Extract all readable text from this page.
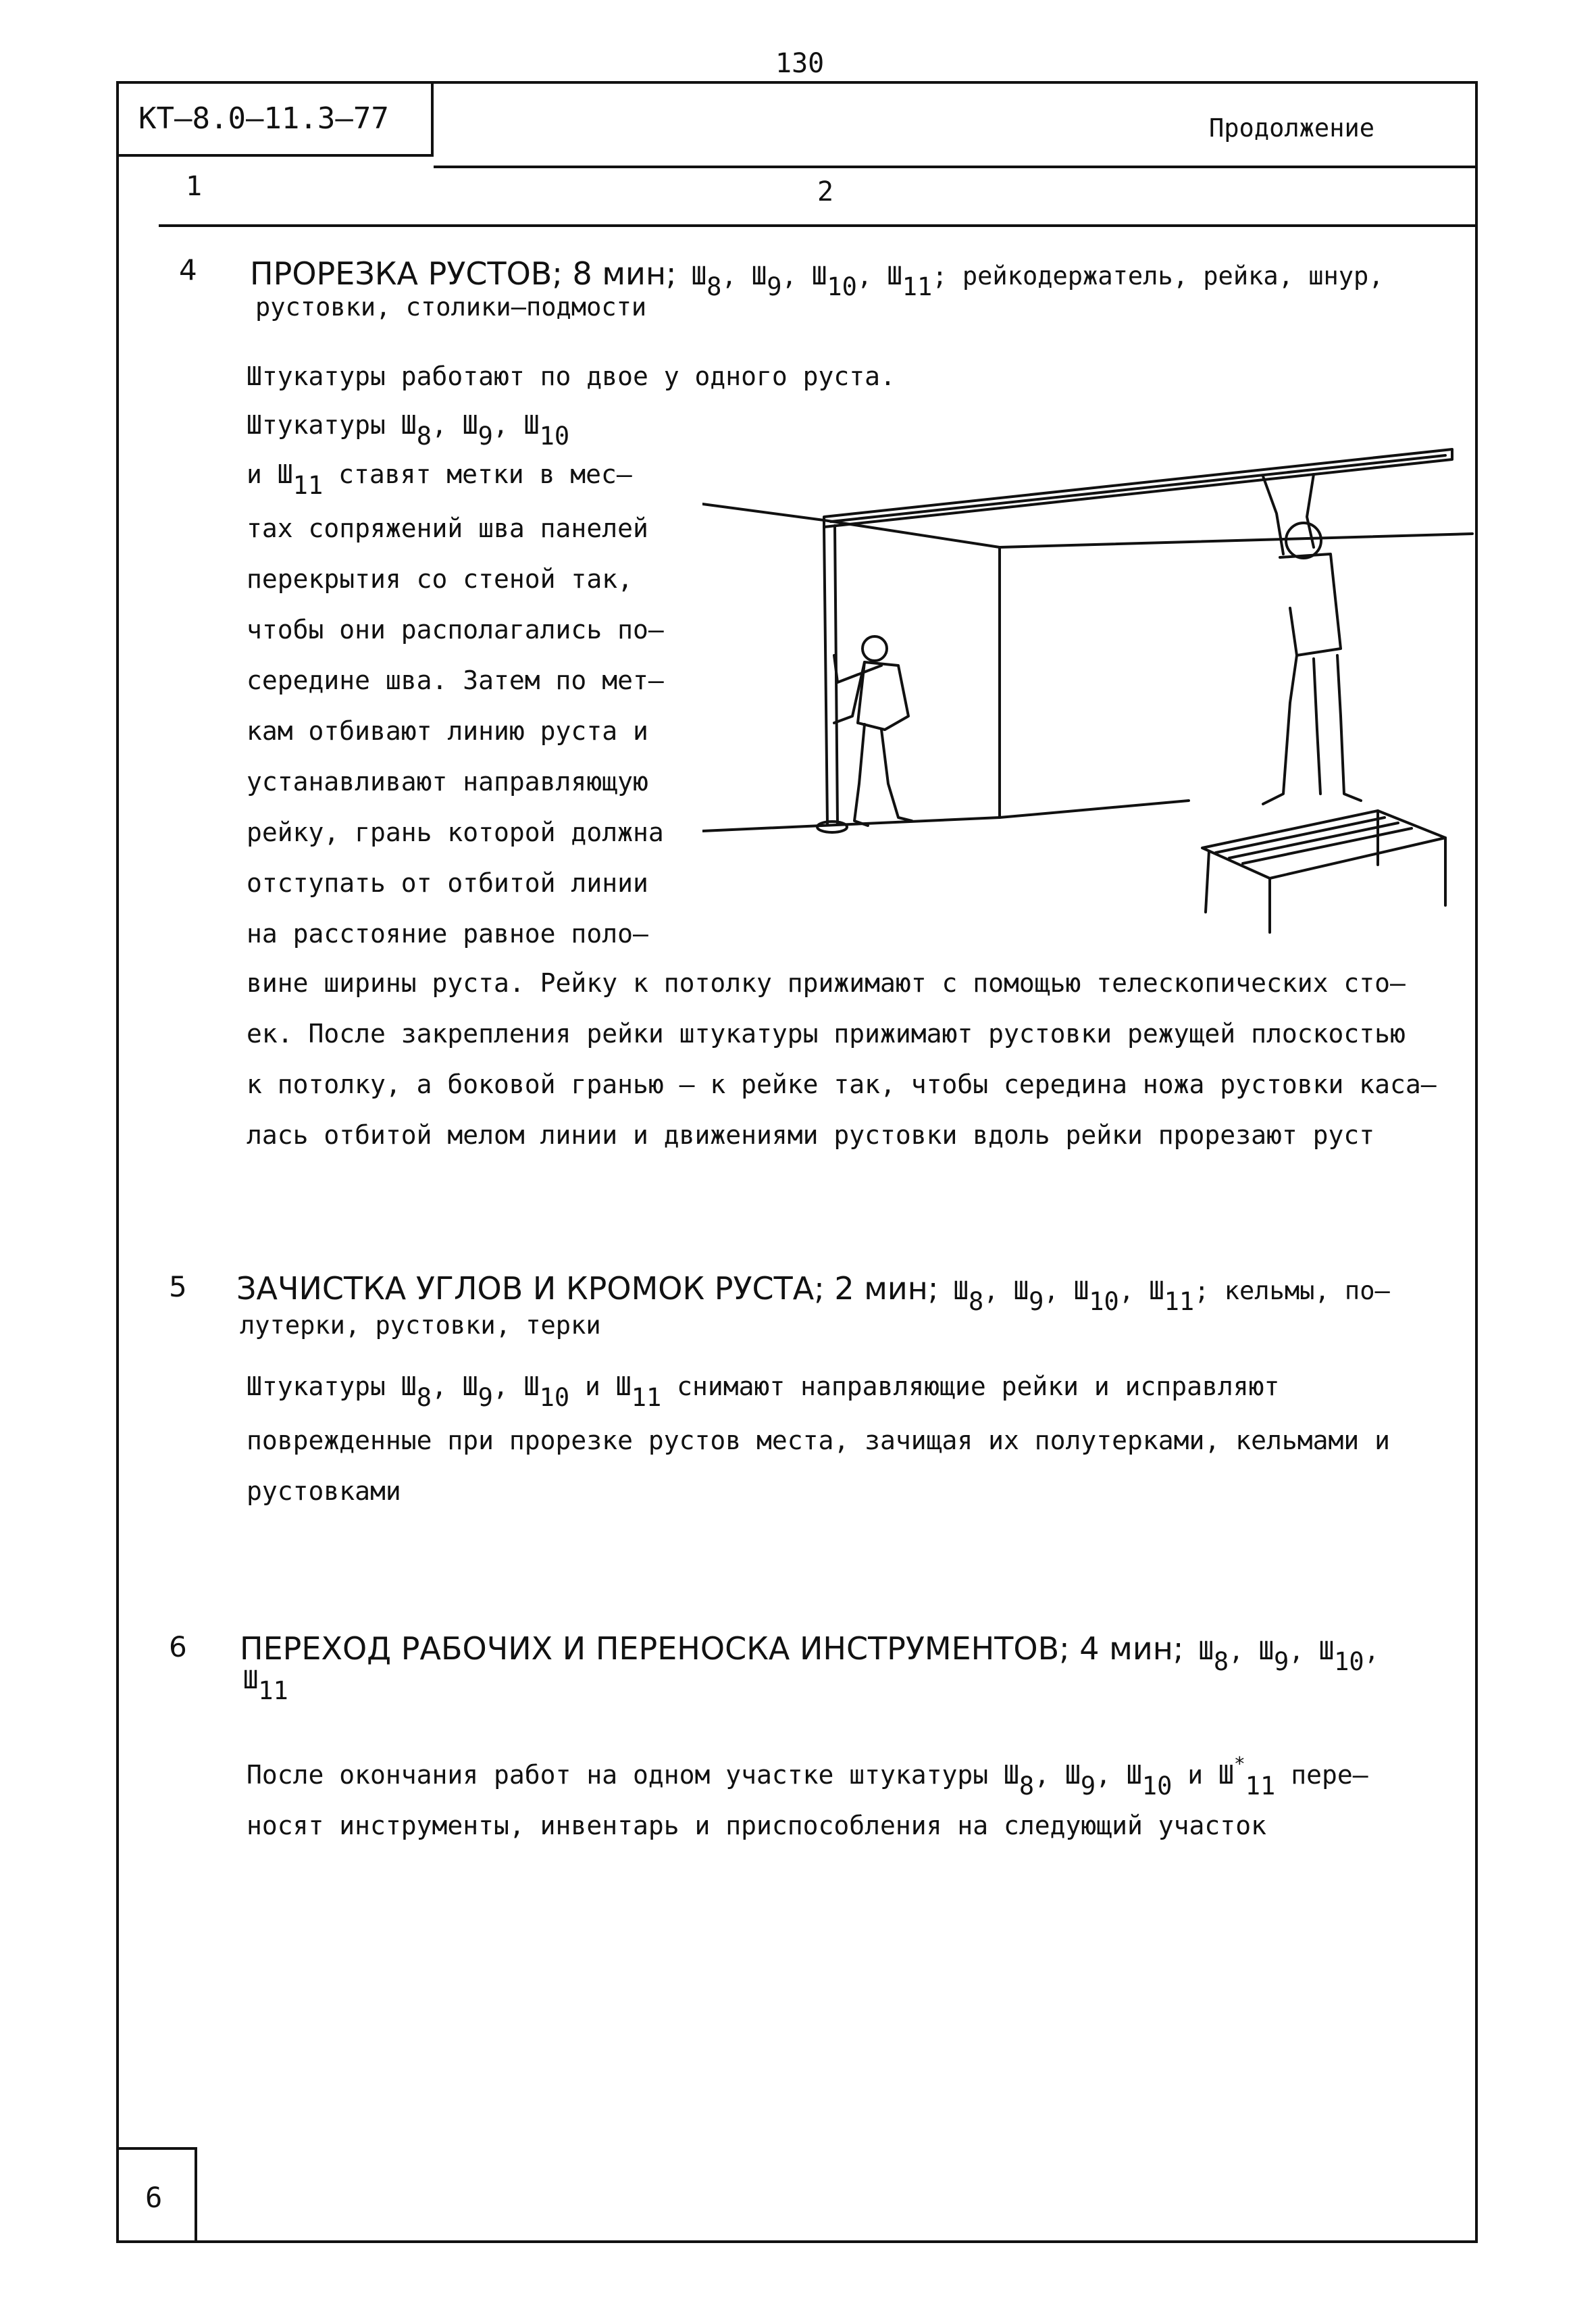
130
КТ–8.0–11.3–77	Продолжение
1	2
4 ПРОРЕЗКА РУСТОВ; 8 мин; Ш8, Ш9, Ш10, Ш11; рейкодержатель, рейка, шнур,
рустовки, столики–подмости
Штукатуры работают по двое у одного руста.
Штукатуры Ш8, Ш9, Ш10
и Ш11 ставят метки в мес–
тах сопряжений шва панелей
перекрытия со стеной так,
чтобы они располагались по–
середине шва. Затем по мет–
кам отбивают линию руста и
устанавливают направляющую
рейку, грань которой должна
отступать от отбитой линии
на расстояние равное поло–
вине ширины руста. Рейку к потолку прижимают с помощью телескопических сто–
ек. После закрепления рейки штукатуры прижимают рустовки режущей плоскостью
к потолку, а боковой гранью – к рейке так, чтобы середина ножа рустовки каса–
лась отбитой мелом линии и движениями рустовки вдоль рейки прорезают руст
5 ЗАЧИСТКА УГЛОВ И КРОМОК РУСТА; 2 мин; Ш8, Ш9, Ш10, Ш11; кельмы, по–
лутерки, рустовки, терки
Штукатуры Ш8, Ш9, Ш10 и Ш11 снимают направляющие рейки и исправляют
поврежденные при прорезке рустов места, зачищая их полутерками, кельмами и
рустовками
6 ПЕРЕХОД РАБОЧИХ И ПЕРЕНОСКА ИНСТРУМЕНТОВ; 4 мин; Ш8, Ш9, Ш10,
Ш11
После окончания работ на одном участке штукатуры Ш8, Ш9, Ш10 и Ш*11 пере–
носят инструменты, инвентарь и приспособления на следующий участок
6
